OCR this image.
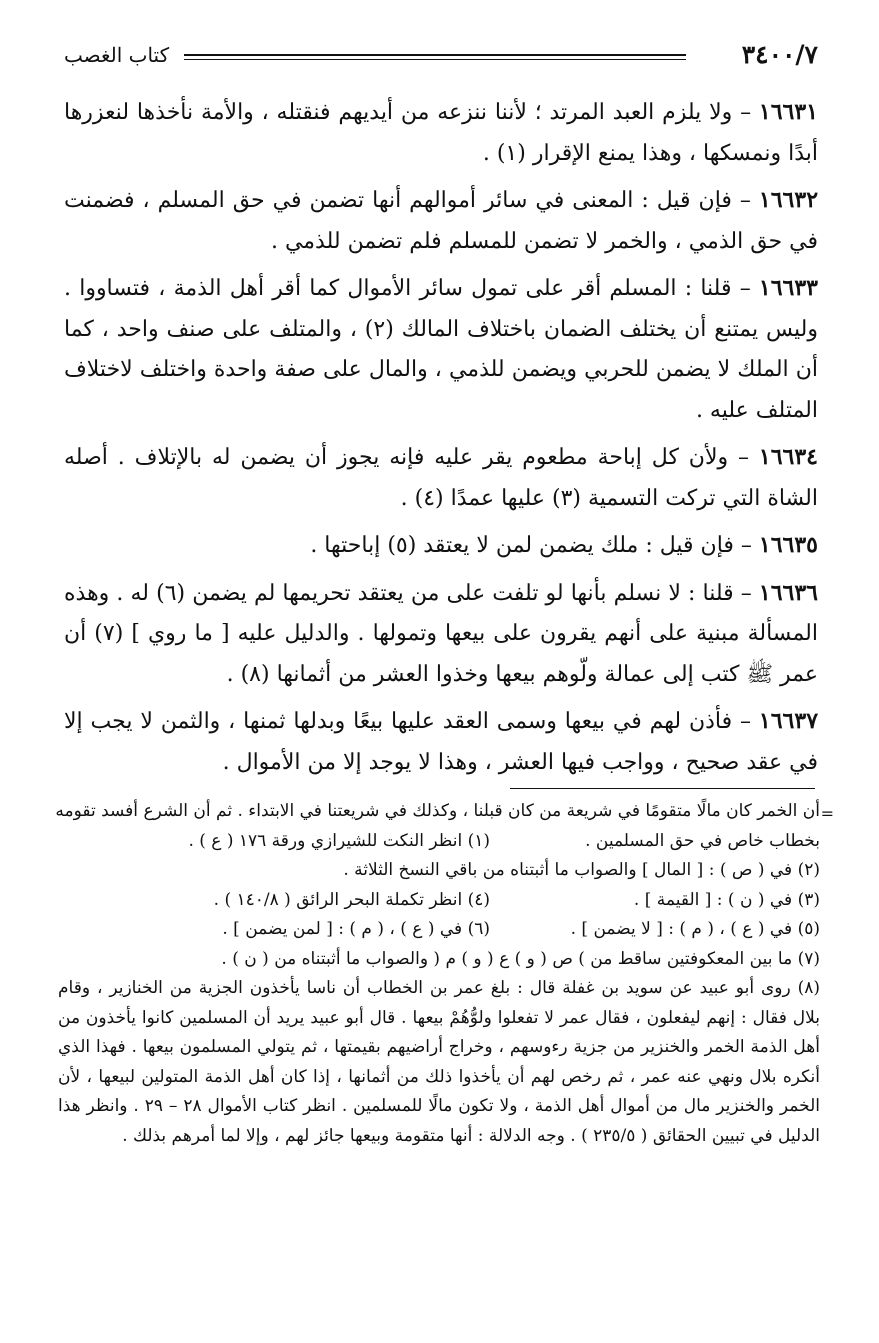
٣٤٠٠/٧
كتاب الغصب

١٦٦٣١ – ولا يلزم العبد المرتد ؛ لأننا ننزعه من أيديهم فنقتله ، والأمة نأخذها لنعزرها أبدًا ونمسكها ، وهذا يمنع الإقرار (١) .

١٦٦٣٢ – فإن قيل : المعنى في سائر أموالهم أنها تضمن في حق المسلم ، فضمنت في حق الذمي ، والخمر لا تضمن للمسلم فلم تضمن للذمي .

١٦٦٣٣ – قلنا : المسلم أقر على تمول سائر الأموال كما أقر أهل الذمة ، فتساووا . وليس يمتنع أن يختلف الضمان باختلاف المالك (٢) ، والمتلف على صنف واحد ، كما أن الملك لا يضمن للحربي ويضمن للذمي ، والمال على صفة واحدة واختلف لاختلاف المتلف عليه .

١٦٦٣٤ – ولأن كل إباحة مطعوم يقر عليه فإنه يجوز أن يضمن له بالإتلاف . أصله الشاة التي تركت التسمية (٣) عليها عمدًا (٤) .

١٦٦٣٥ – فإن قيل : ملك يضمن لمن لا يعتقد (٥) إباحتها .

١٦٦٣٦ – قلنا : لا نسلم بأنها لو تلفت على من يعتقد تحريمها لم يضمن (٦) له . وهذه المسألة مبنية على أنهم يقرون على بيعها وتمولها . والدليل عليه [ ما روي ] (٧) أن عمر ﷺ كتب إلى عمالة ولّوهم بيعها وخذوا العشر من أثمانها (٨) .

١٦٦٣٧ – فأذن لهم في بيعها وسمى العقد عليها بيعًا وبدلها ثمنها ، والثمن لا يجب إلا في عقد صحيح ، وواجب فيها العشر ، وهذا لا يوجد إلا من الأموال .

=

أن الخمر كان مالًا متقومًا في شريعة من كان قبلنا ، وكذلك في شريعتنا في الابتداء . ثم أن الشرع أفسد تقومه

بخطاب خاص في حق المسلمين .
(١) انظر النكت للشيرازي ورقة ١٧٦ ( ع ) .

(٢) في ( ص ) : [ المال ] والصواب ما أثبتناه من باقي النسخ الثلاثة .

(٣) في ( ن ) : [ القيمة ] .
(٤) انظر تكملة البحر الرائق ( ١٤٠/٨ ) .

(٥) في ( ع ) ، ( م ) : [ لا يضمن ] .
(٦) في ( ع ) ، ( م ) : [ لمن يضمن ] .

(٧) ما بين المعكوفتين ساقط من ) ص ( و ) ع ( و ) م ( والصواب ما أثبتناه من ( ن ) .

(٨) روى أبو عبيد عن سويد بن غفلة قال : بلغ عمر بن الخطاب أن ناسا يأخذون الجزية من الخنازير ، وقام بلال فقال : إنهم ليفعلون ، فقال عمر لا تفعلوا ولوُّهُمْ بيعها . قال أبو عبيد يريد أن المسلمين كانوا يأخذون من أهل الذمة الخمر والخنزير من جزية رءوسهم ، وخراج أراضيهم بقيمتها ، ثم يتولي المسلمون بيعها . فهذا الذي أنكره بلال ونهي عنه عمر ، ثم رخص لهم أن يأخذوا ذلك من أثمانها ، إذا كان أهل الذمة المتولين لبيعها ، لأن الخمر والخنزير مال من أموال أهل الذمة ، ولا تكون مالًا للمسلمين . انظر كتاب الأموال ٢٨ – ٢٩ . وانظر هذا الدليل في تبيين الحقائق ( ٢٣٥/٥ ) . وجه الدلالة : أنها متقومة وبيعها جائز لهم ، وإلا لما أمرهم بذلك .
